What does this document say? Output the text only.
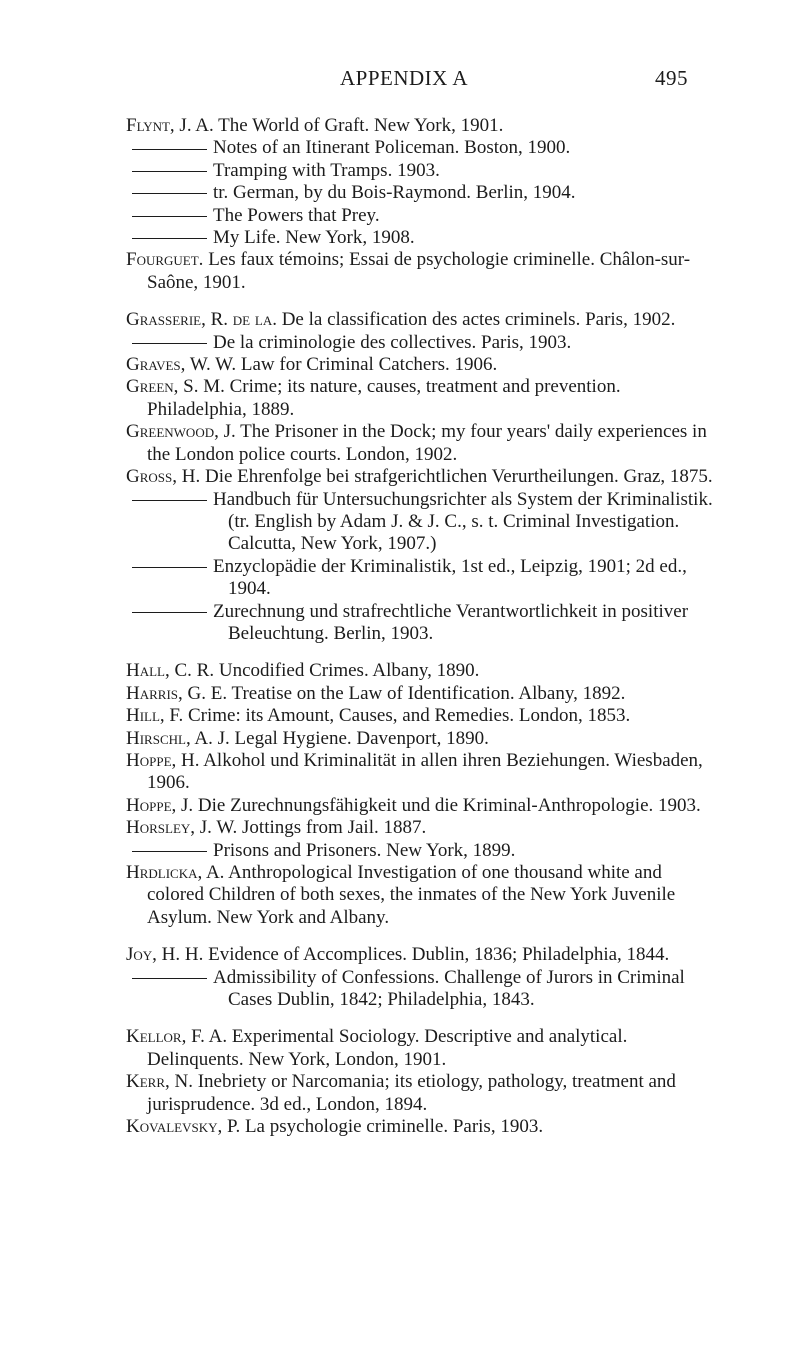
APPENDIX A	495

Flynt, J. A. The World of Graft. New York, 1901.

Notes of an Itinerant Policeman. Boston, 1900.

Tramping with Tramps. 1903.

tr. German, by du Bois-Raymond. Berlin, 1904.

The Powers that Prey.

My Life. New York, 1908.

Fourguet. Les faux témoins; Essai de psychologie criminelle. Châlon-sur-Saône, 1901.

Grasserie, R. de la. De la classification des actes criminels. Paris, 1902.

De la criminologie des collectives. Paris, 1903.

Graves, W. W. Law for Criminal Catchers. 1906.

Green, S. M. Crime; its nature, causes, treatment and prevention. Philadelphia, 1889.

Greenwood, J. The Prisoner in the Dock; my four years' daily experiences in the London police courts. London, 1902.

Gross, H. Die Ehrenfolge bei strafgerichtlichen Verurtheilungen. Graz, 1875.

Handbuch für Untersuchungsrichter als System der Kriminalistik. (tr. English by Adam J. & J. C., s. t. Criminal Investigation. Calcutta, New York, 1907.)

Enzyclopädie der Kriminalistik, 1st ed., Leipzig, 1901; 2d ed., 1904.

Zurechnung und strafrechtliche Verantwortlichkeit in positiver Beleuchtung. Berlin, 1903.

Hall, C. R. Uncodified Crimes. Albany, 1890.

Harris, G. E. Treatise on the Law of Identification. Albany, 1892.

Hill, F. Crime: its Amount, Causes, and Remedies. London, 1853.

Hirschl, A. J. Legal Hygiene. Davenport, 1890.

Hoppe, H. Alkohol und Kriminalität in allen ihren Beziehungen. Wiesbaden, 1906.

Hoppe, J. Die Zurechnungsfähigkeit und die Kriminal-Anthropologie. 1903.

Horsley, J. W. Jottings from Jail. 1887.

Prisons and Prisoners. New York, 1899.

Hrdlicka, A. Anthropological Investigation of one thousand white and colored Children of both sexes, the inmates of the New York Juvenile Asylum. New York and Albany.

Joy, H. H. Evidence of Accomplices. Dublin, 1836; Philadelphia, 1844.

Admissibility of Confessions. Challenge of Jurors in Criminal Cases Dublin, 1842; Philadelphia, 1843.

Kellor, F. A. Experimental Sociology. Descriptive and analytical. Delinquents. New York, London, 1901.

Kerr, N. Inebriety or Narcomania; its etiology, pathology, treatment and jurisprudence. 3d ed., London, 1894.

Kovalevsky, P. La psychologie criminelle. Paris, 1903.
